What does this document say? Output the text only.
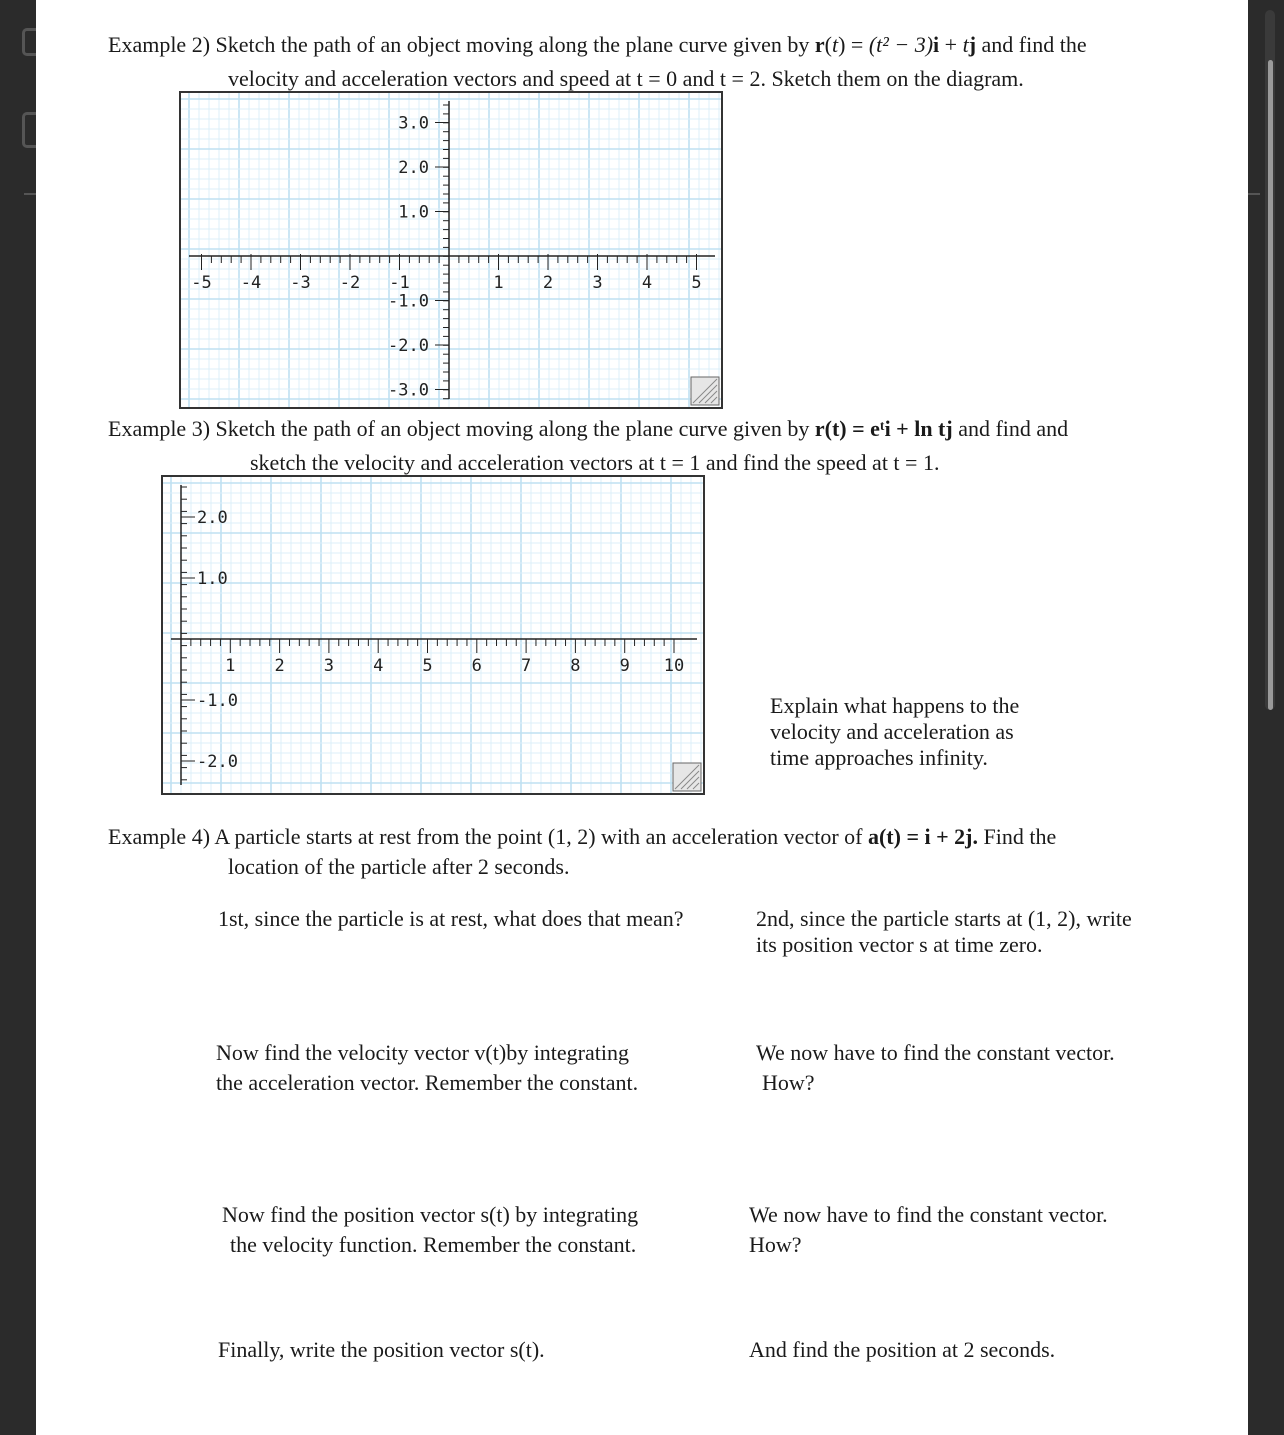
Example 2) Sketch the path of an object moving along the plane curve given by r(t) = (t² − 3)i + tj and find the
velocity and acceleration vectors and speed at t = 0 and t = 2. Sketch them on the diagram.
-5 -4 -3 -2 -1	1 2 3 4 5
3.0
2.0
1.0
-1.0
-2.0
-3.0
Example 3) Sketch the path of an object moving along the plane curve given by r(t) = eᵗi + ln tj and find and
sketch the velocity and acceleration vectors at t = 1 and find the speed at t = 1.
1 2 3 4 5 6 7 8 9 10
2.0
1.0
-1.0
-2.0
Explain what happens to the
velocity and acceleration as
time approaches infinity.
Example 4) A particle starts at rest from the point (1, 2) with an acceleration vector of a(t) = i + 2j. Find the
location of the particle after 2 seconds.
1st, since the particle is at rest, what does that mean?	2nd, since the particle starts at (1, 2), write
its position vector s at time zero.
Now find the velocity vector v(t)by integrating
the acceleration vector. Remember the constant.
We now have to find the constant vector.
How?
Now find the position vector s(t) by integrating
the velocity function. Remember the constant.
We now have to find the constant vector.
How?
Finally, write the position vector s(t).	And find the position at 2 seconds.
